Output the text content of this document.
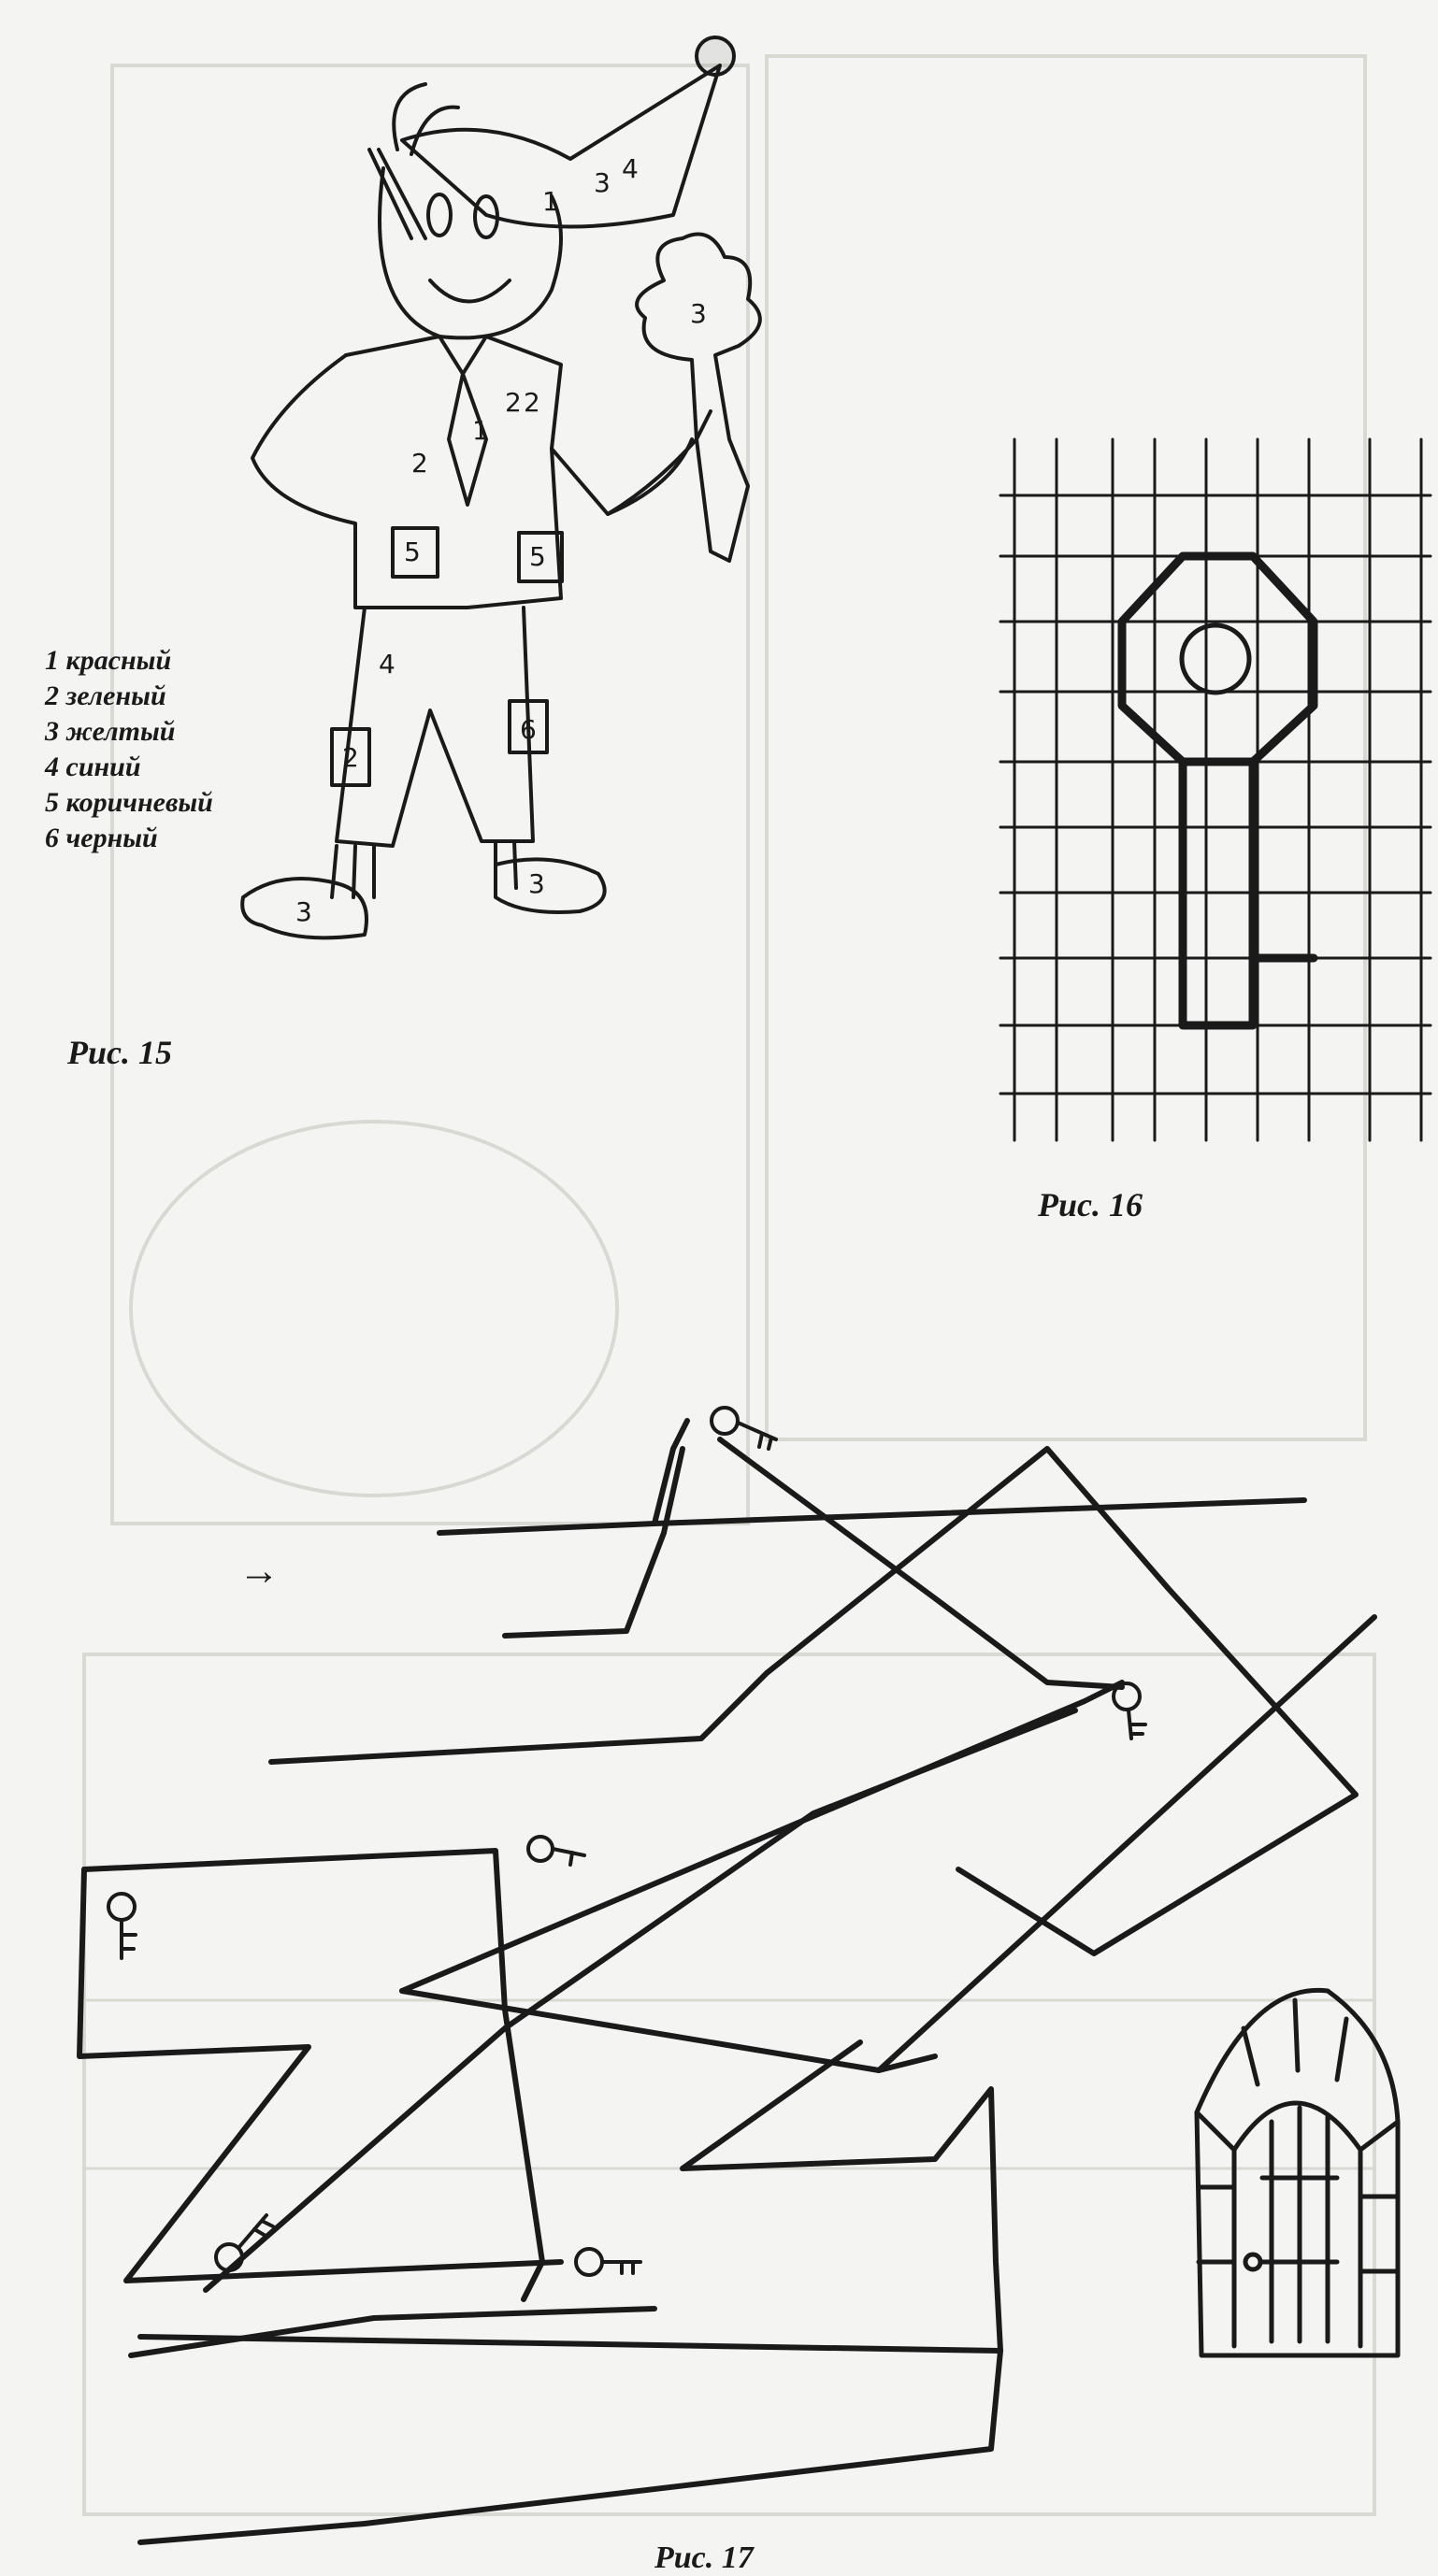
1
3 4
2
1
2
3
2
5	5
4
6
2
3
3
1 красный
2 зеленый
3 желтый
4 синий
5 коричневый
6 черный
Рис. 15
Рис. 16
→
Рис. 17
